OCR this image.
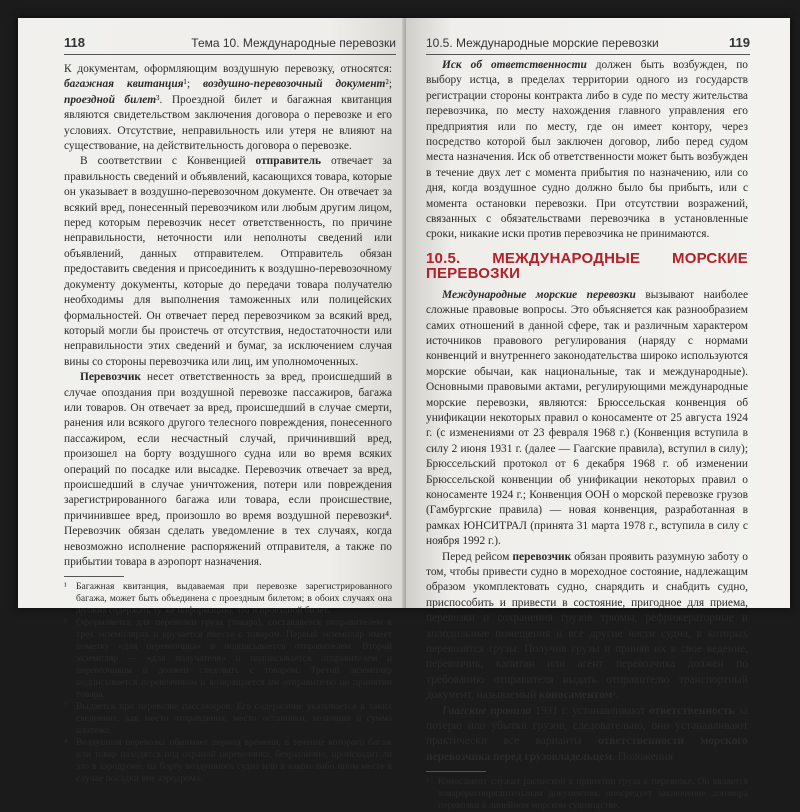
118	Тема 10. Международные перевозки

К документам, оформляющим воздушную перевозку, относятся: багажная квитанция¹; воздушно-перевозочный документ²; проездной билет³. Проездной билет и багажная квитанция являются свидетельством заключения договора о перевозке и его условиях. Отсутствие, неправильность или утеря не влияют на существование, на действительность договора о перевозке.

В соответствии с Конвенцией отправитель отвечает за правильность сведений и объявлений, касающихся товара, которые он указывает в воздушно-перевозочном документе. Он отвечает за всякий вред, понесенный перевозчиком или любым другим лицом, перед которым перевозчик несет ответственность, по причине неправильности, неточности или неполноты сведений или объявлений, данных отправителем. Отправитель обязан предоставить сведения и присоединить к воздушно-перевозочному документу документы, которые до передачи товара получателю необходимы для выполнения таможенных или полицейских формальностей. Он отвечает перед перевозчиком за всякий вред, который могли бы проистечь от отсутствия, недостаточности или неправильности этих сведений и бумаг, за исключением случая вины со стороны перевозчика или лиц, им уполномоченных.

Перевозчик несет ответственность за вред, происшедший в случае опоздания при воздушной перевозке пассажиров, багажа или товаров. Он отвечает за вред, происшедший в случае смерти, ранения или всякого другого телесного повреждения, понесенного пассажиром, если несчастный случай, причинивший вред, произошел на борту воздушного судна или во время всяких операций по посадке или высадке. Перевозчик отвечает за вред, происшедший в случае уничтожения, потери или повреждения зарегистрированного багажа или товара, если происшествие, причинившее вред, произошло во время воздушной перевозки⁴. Перевозчик обязан сделать уведомление в тех случаях, когда невозможно исполнение распоряжений отправителя, а также по прибытии товара в аэропорт назначения.

¹ Багажная квитанция, выдаваемая при перевозке зарегистрированного багажа, может быть объединена с проездным билетом; в обоих случаях она должна содержать ту же информацию, что и проездной билет.
² Оформляется для перевозки груза (товара), составляется отправителем в трех экземплярах и вручается вместе с товаром. Первый экземпляр имеет пометку «для перевозчика» и подписывается отправителем. Второй экземпляр — «для получателя» и подписывается отправителем и перевозчиком и должен следовать с товаром. Третий экземпляр подписывается перевозчиком и возвращается им отправителю по принятии товара.
³ Выдается при перевозке пассажиров. Его содержание указывается в таких сведениях, как место отправления, место остановки, величина и сумма платежа.
⁴ Воздушная перевозка обнимает период времени, в течение которого багаж или товар находятся под охраной перевозчика, безразлично, происходит ли это в аэродроме, на борту воздушного судна или в каком-либо ином месте в случае посадки вне аэродрома.
10.5. Международные морские перевозки	119

Иск об ответственности должен быть возбужден, по выбору истца, в пределах территории одного из государств регистрации стороны контракта либо в суде по месту жительства перевозчика, по месту нахождения главного управления его предприятия или по месту, где он имеет контору, через посредство которой был заключен договор, либо перед судом места назначения. Иск об ответственности может быть возбужден в течение двух лет с момента прибытия по назначению, или со дня, когда воздушное судно должно было бы прибыть, или с момента остановки перевозки. При отсутствии возражений, связанных с обязательствами перевозчика в установленные сроки, никакие иски против перевозчика не принимаются.

10.5. МЕЖДУНАРОДНЫЕ МОРСКИЕ ПЕРЕВОЗКИ

Международные морские перевозки вызывают наиболее сложные правовые вопросы. Это объясняется как разнообразием самих отношений в данной сфере, так и различным характером источников правового регулирования (наряду с нормами конвенций и внутреннего законодательства широко используются морские обычаи, как национальные, так и международные). Основными правовыми актами, регулирующими международные морские перевозки, являются: Брюссельская конвенция об унификации некоторых правил о коносаменте от 25 августа 1924 г. (с изменениями от 23 февраля 1968 г.) (Конвенция вступила в силу 2 июня 1931 г. (далее — Гаагские правила), вступил в силу); Брюссельский протокол от 6 декабря 1968 г. об изменении Брюссельской конвенции об унификации некоторых правил о коносаменте 1924 г.; Конвенция ООН о морской перевозке грузов (Гамбургские правила) — новая конвенция, разработанная в рамках ЮНСИТРАЛ (принята 31 марта 1978 г., вступила в силу с ноября 1992 г.).

Перед рейсом перевозчик обязан проявить разумную заботу о том, чтобы привести судно в мореходное состояние, надлежащим образом укомплектовать судно, снарядить и снабдить судно, приспособить и привести в состояние, пригодное для приема, перевозки и сохранения грузов трюмы, рефрижераторные и холодильные помещения и все другие части судна, в которых перевозятся грузы. Получив грузы и приняв их в свое ведение, перевозчик, капитан или агент перевозчика должен по требованию отправителя выдать отправителю транспортный документ, называемый коносаментом¹.

Гаагские правила 1931 г. устанавливают ответственность за потерю или убытки грузов, следовательно, они устанавливают практически все варианты ответственности морского перевозчика перед грузовладельцем. Положения

¹ Коносамент служит распиской в принятии груза к перевозке. Он является товарораспорядительным документом, опосредует заключение договора перевозки в линейном морском судоходстве.
